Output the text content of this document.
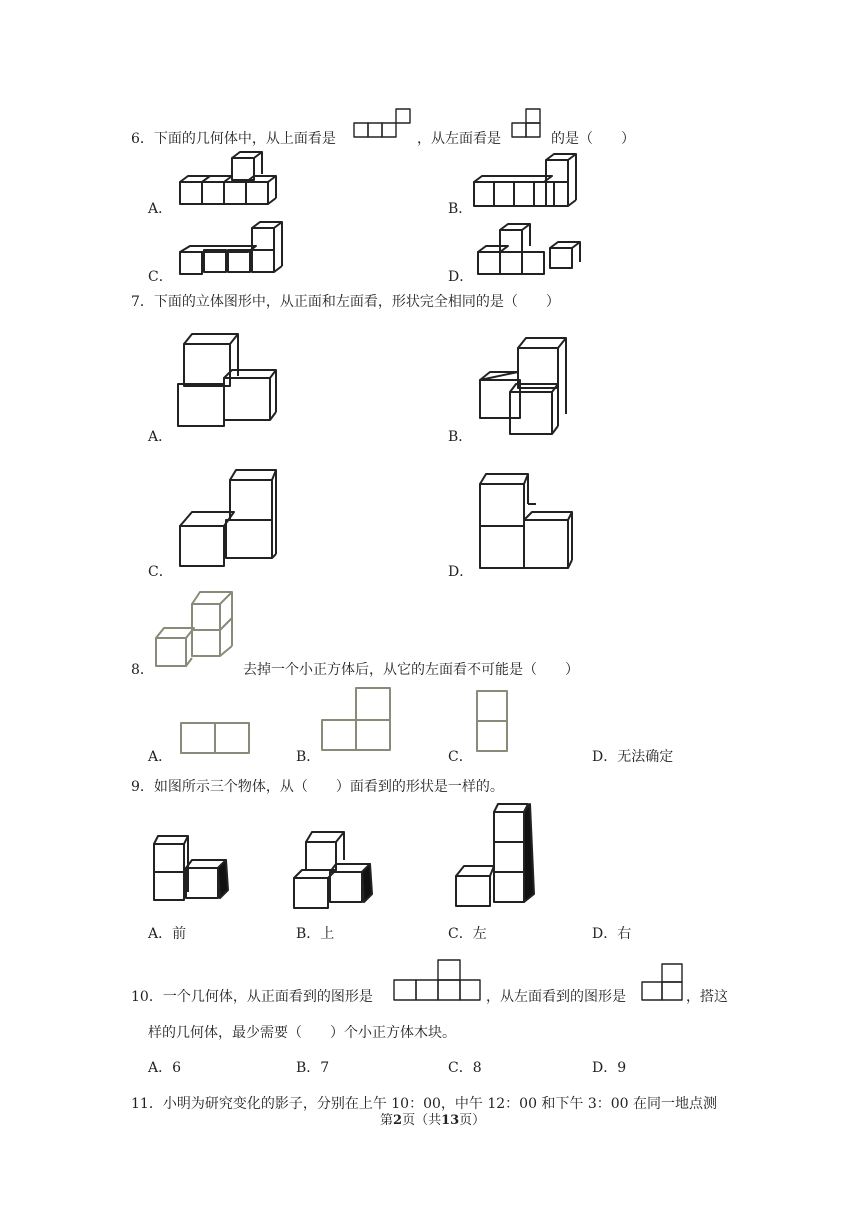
6．下面的几何体中，从上面看是	，从左面看是	的是（　　）
A．	B．
C．	D．
7．下面的立体图形中，从正面和左面看，形状完全相同的是（　　）
A．	B．
C．	D．
8．	去掉一个小正方体后，从它的左面看不可能是（　　）
A．	B．	C．	D．无法确定
9．如图所示三个物体，从（　　）面看到的形状是一样的。
A．前	B．上	C．左	D．右
10．一个几何体，从正面看到的图形是	，从左面看到的图形是	，搭这
样的几何体，最少需要（　　）个小正方体木块。
A．6	B．7	C．8	D．9
11．小明为研究变化的影子，分别在上午 10：00，中午 12：00 和下午 3：00 在同一地点测
第2页（共13页）
